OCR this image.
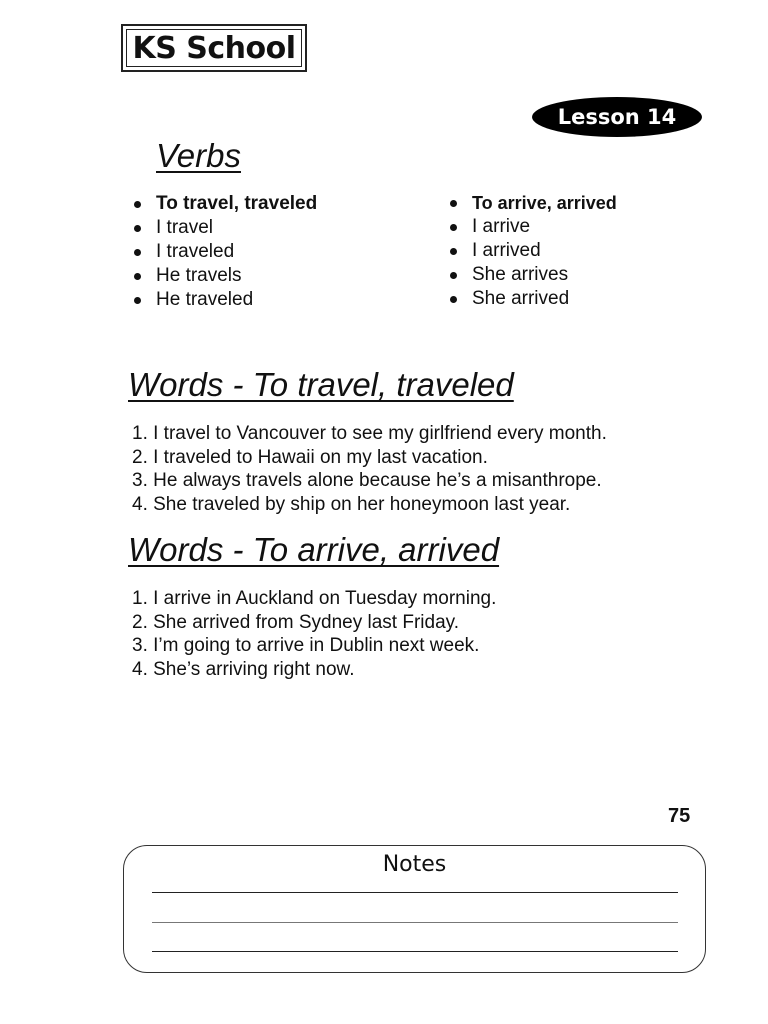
KS School
Lesson 14
Verbs
To travel, traveled
I travel
I traveled
He travels
He traveled
To arrive, arrived
I arrive
I arrived
She arrives
She arrived
Words - To travel, traveled
1. I travel to Vancouver to see my girlfriend every month.
2. I traveled to Hawaii on my last vacation.
3. He always travels alone because he’s a misanthrope.
4. She traveled by ship on her honeymoon last year.
Words - To arrive, arrived
1. I arrive in Auckland on Tuesday morning.
2. She arrived from Sydney last Friday.
3. I’m going to arrive in Dublin next week.
4. She’s arriving right now.
75
Notes
